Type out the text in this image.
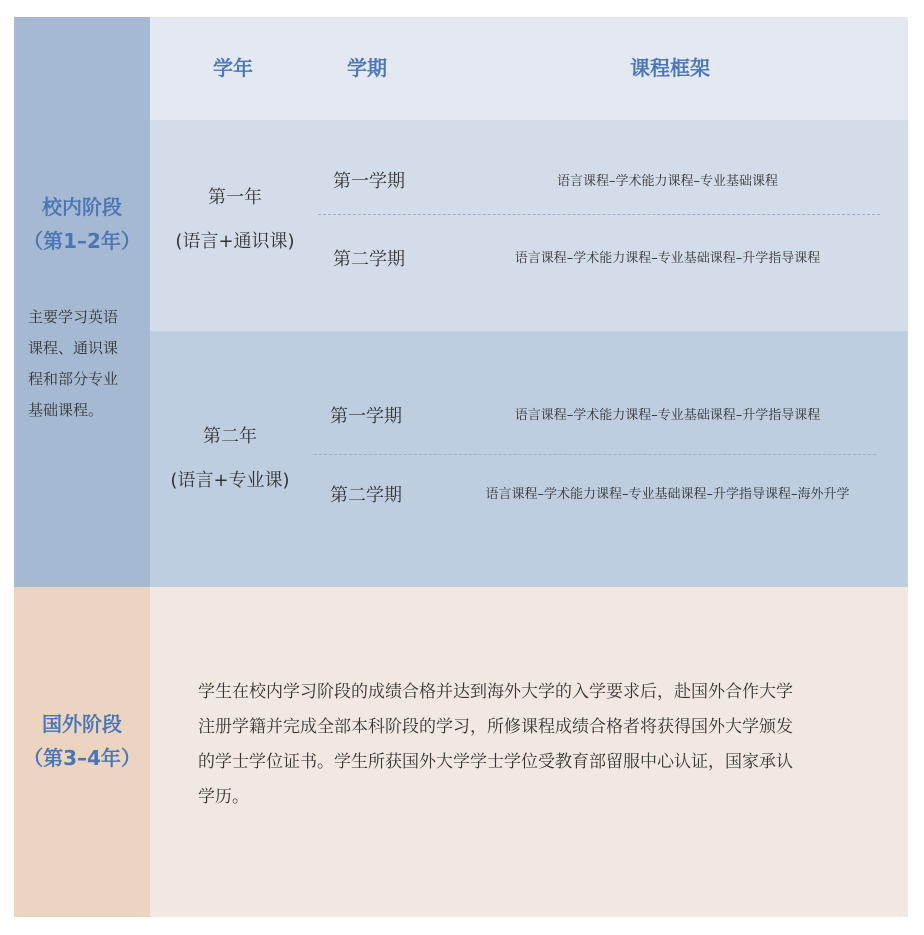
学年	学期	课程框架
校内阶段
（第1–2年）
主要学习英语
课程、通识课
程和部分专业
基础课程。
第一年
(语言+通识课)
第一学期	语言课程–学术能力课程–专业基础课程
第二学期	语言课程–学术能力课程–专业基础课程–升学指导课程
第二年
(语言+专业课)
第一学期	语言课程–学术能力课程–专业基础课程–升学指导课程
第二学期	语言课程–学术能力课程–专业基础课程–升学指导课程–海外升学
国外阶段
（第3–4年）
学生在校内学习阶段的成绩合格并达到海外大学的入学要求后，赴国外合作大学
注册学籍并完成全部本科阶段的学习，所修课程成绩合格者将获得国外大学颁发
的学士学位证书。学生所获国外大学学士学位受教育部留服中心认证，国家承认
学历。
